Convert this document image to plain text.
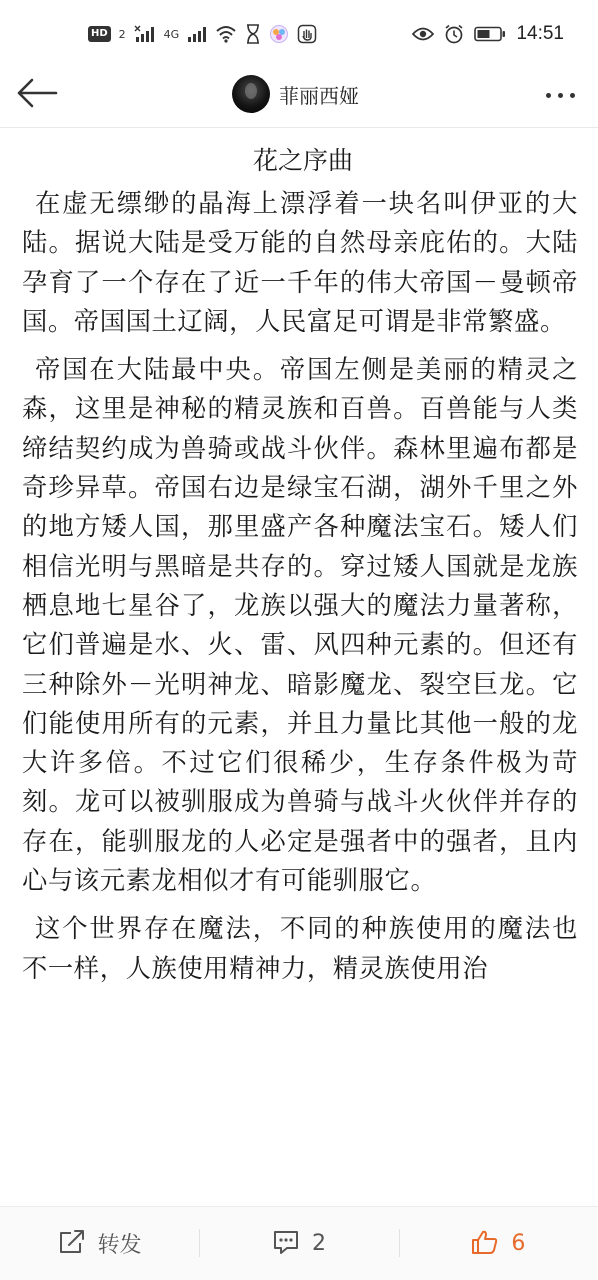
HD 2	4G	14:51
菲丽西娅
花之序曲

在虚无缥缈的晶海上漂浮着一块名叫伊亚的大陆。据说大陆是受万能的自然母亲庇佑的。大陆孕育了一个存在了近一千年的伟大帝国－曼顿帝国。帝国国土辽阔，人民富足可谓是非常繁盛。

帝国在大陆最中央。帝国左侧是美丽的精灵之森，这里是神秘的精灵族和百兽。百兽能与人类缔结契约成为兽骑或战斗伙伴。森林里遍布都是奇珍异草。帝国右边是绿宝石湖，湖外千里之外的地方矮人国，那里盛产各种魔法宝石。矮人们相信光明与黑暗是共存的。穿过矮人国就是龙族栖息地七星谷了，龙族以强大的魔法力量著称，它们普遍是水、火、雷、风四种元素的。但还有三种除外－光明神龙、暗影魔龙、裂空巨龙。它们能使用所有的元素，并且力量比其他一般的龙大许多倍。不过它们很稀少，生存条件极为苛刻。龙可以被驯服成为兽骑与战斗火伙伴并存的存在，能驯服龙的人必定是强者中的强者，且内心与该元素龙相似才有可能驯服它。

这个世界存在魔法，不同的种族使用的魔法也不一样，人族使用精神力，精灵族使用治

转发	2	6
